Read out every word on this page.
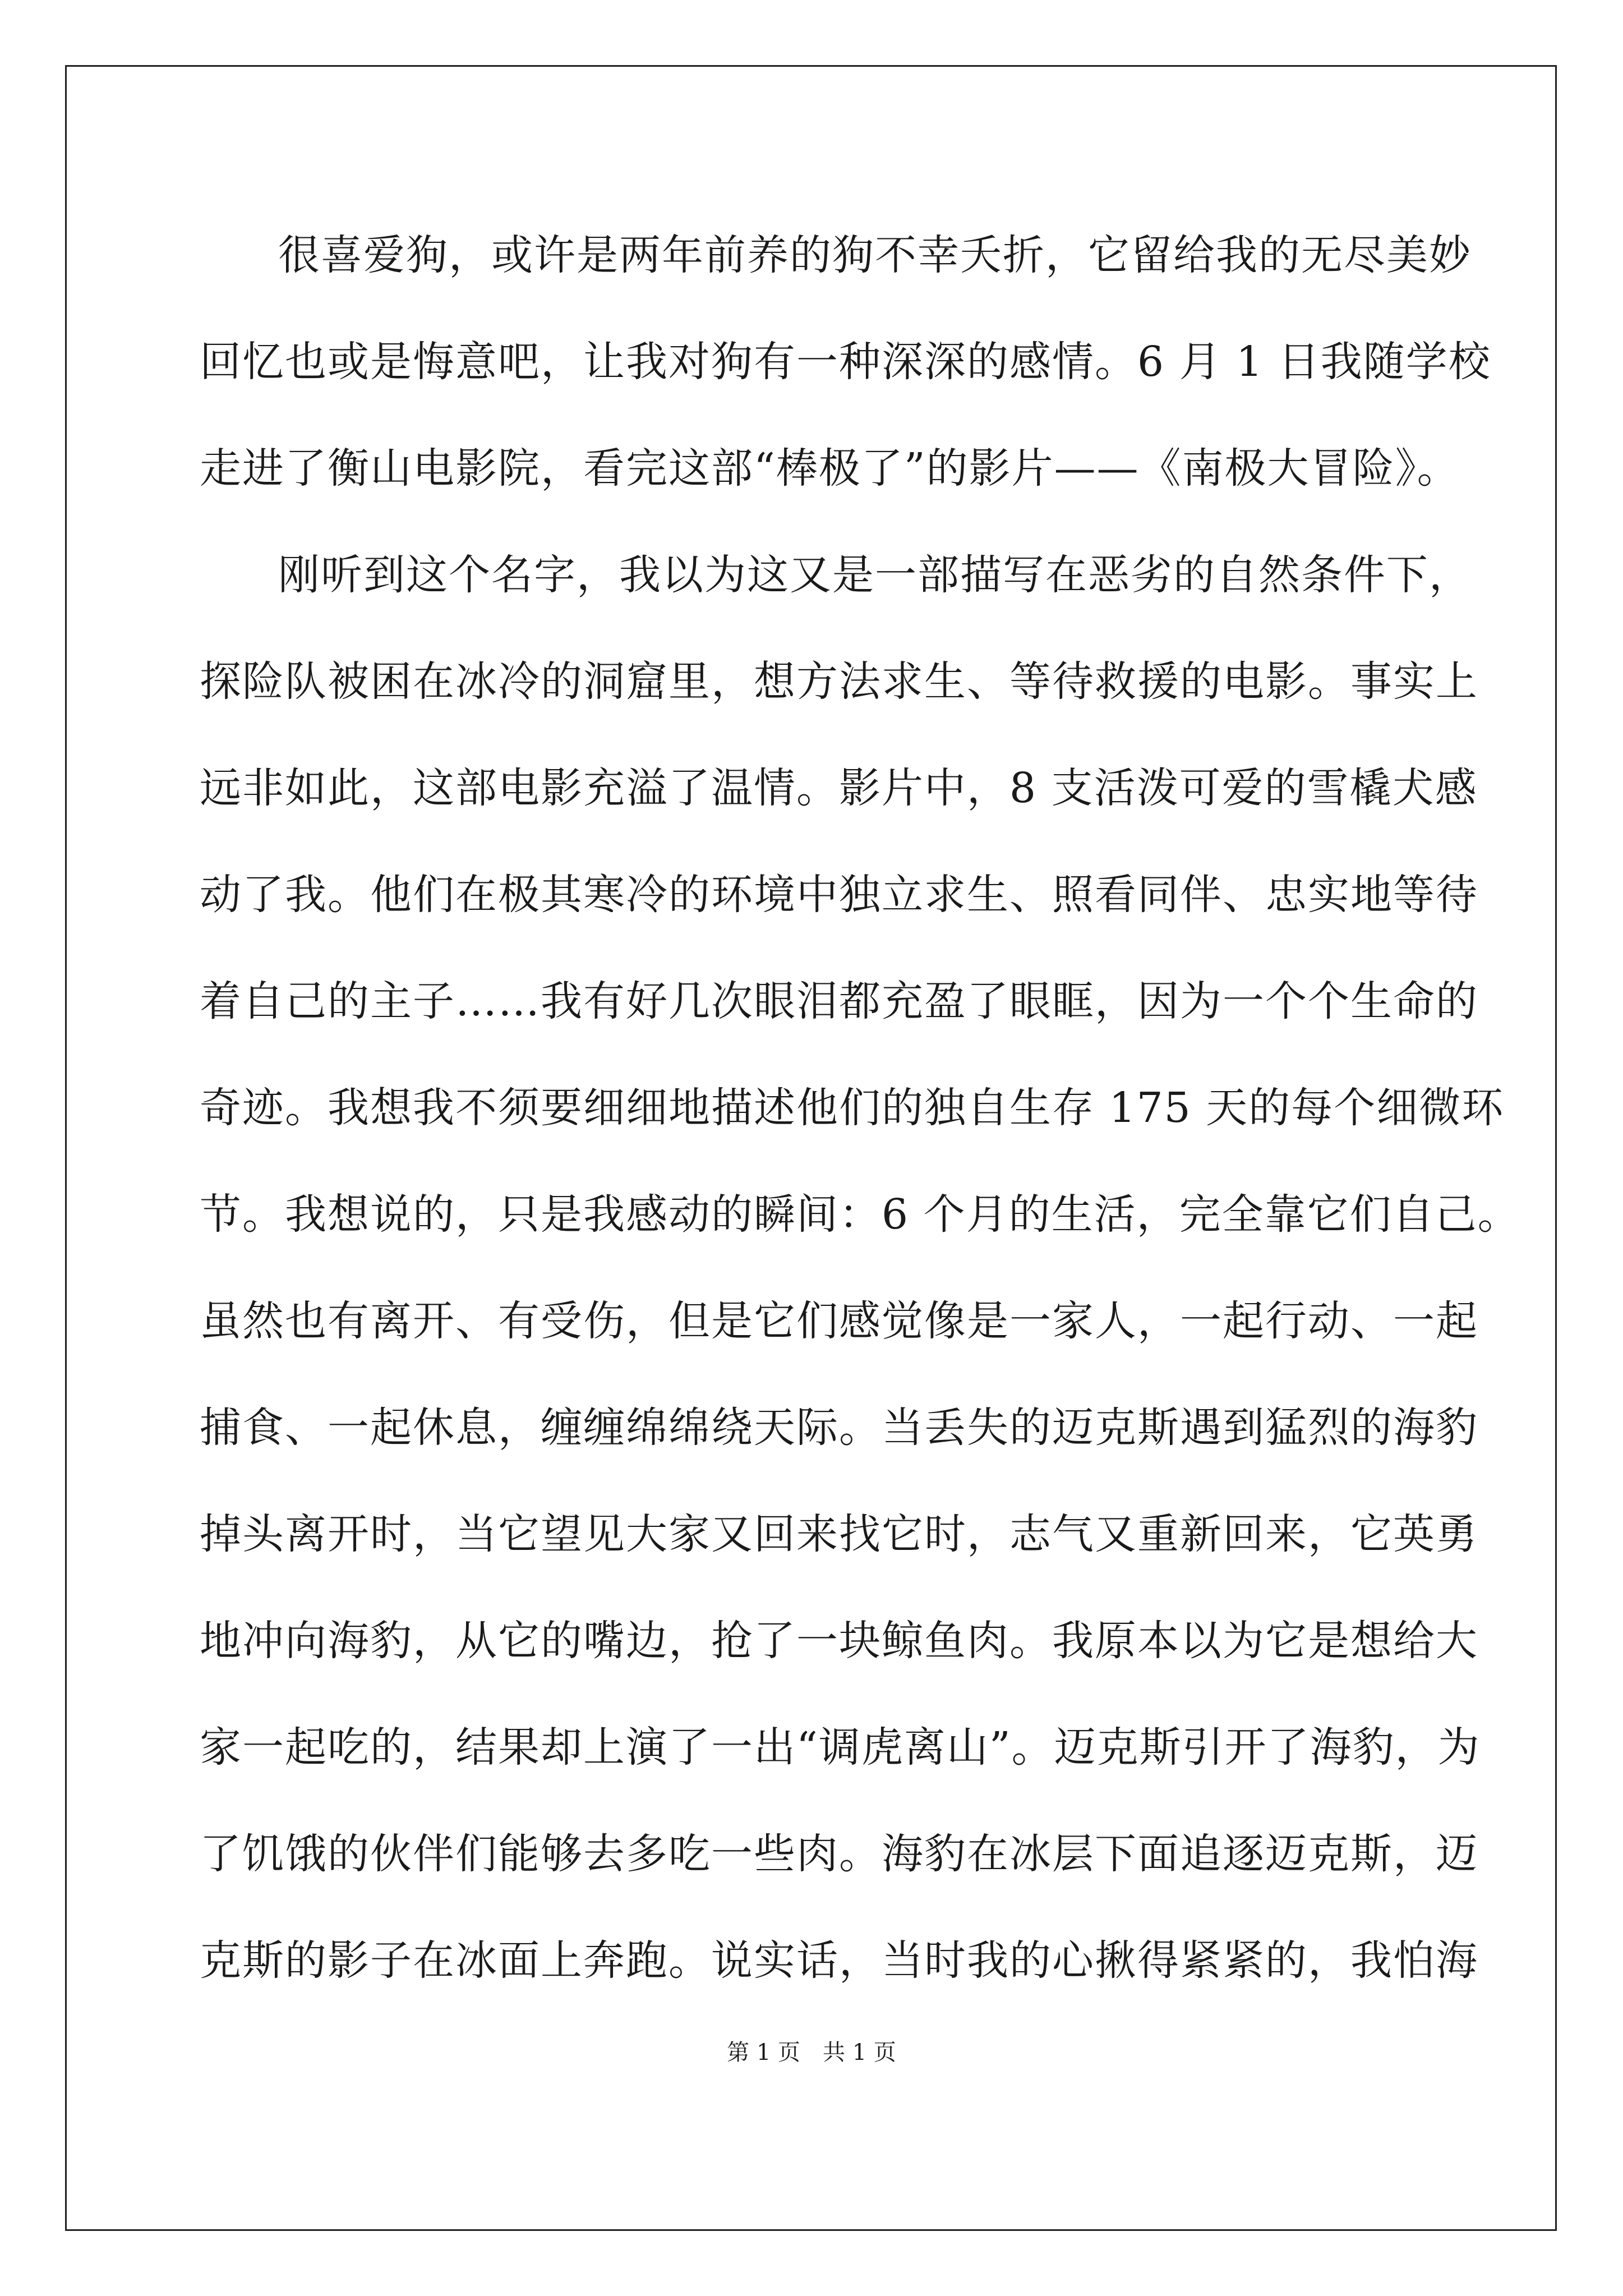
很喜爱狗，或许是两年前养的狗不幸夭折，它留给我的无尽美妙
回忆也或是悔意吧，让我对狗有一种深深的感情。6 月 1 日我随学校
走进了衡山电影院，看完这部“棒极了”的影片——《南极大冒险》。
刚听到这个名字，我以为这又是一部描写在恶劣的自然条件下，
探险队被困在冰冷的洞窟里，想方法求生、等待救援的电影。事实上
远非如此，这部电影充溢了温情。影片中，8 支活泼可爱的雪橇犬感
动了我。他们在极其寒冷的环境中独立求生、照看同伴、忠实地等待
着自己的主子……我有好几次眼泪都充盈了眼眶，因为一个个生命的
奇迹。我想我不须要细细地描述他们的独自生存 175 天的每个细微环
节。我想说的，只是我感动的瞬间：6 个月的生活，完全靠它们自己。
虽然也有离开、有受伤，但是它们感觉像是一家人，一起行动、一起
捕食、一起休息，缠缠绵绵绕天际。当丢失的迈克斯遇到猛烈的海豹
掉头离开时，当它望见大家又回来找它时，志气又重新回来，它英勇
地冲向海豹，从它的嘴边，抢了一块鲸鱼肉。我原本以为它是想给大
家一起吃的，结果却上演了一出“调虎离山”。迈克斯引开了海豹，为
了饥饿的伙伴们能够去多吃一些肉。海豹在冰层下面追逐迈克斯，迈
克斯的影子在冰面上奔跑。说实话，当时我的心揪得紧紧的，我怕海
第 1 页　共 1 页
